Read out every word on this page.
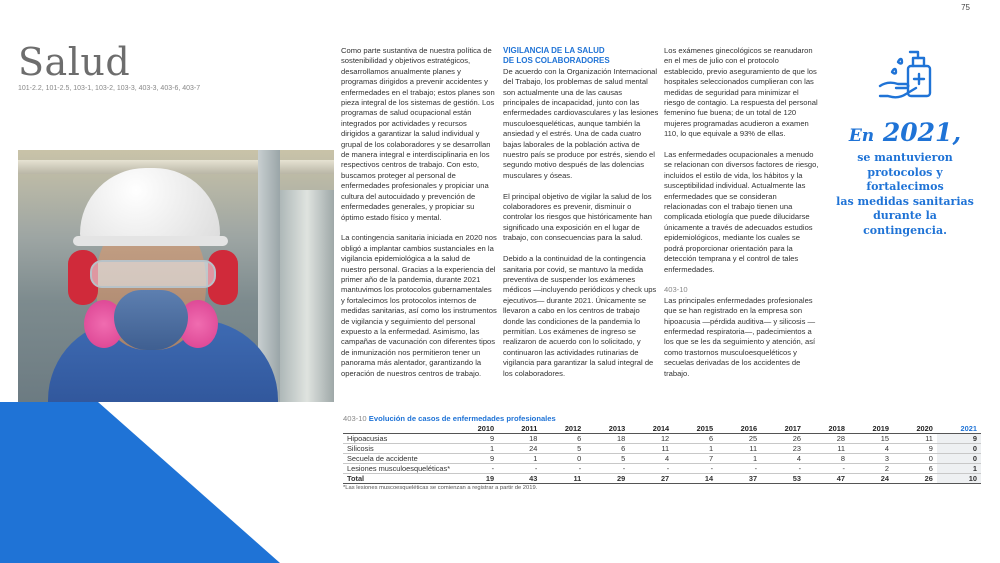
75
Salud
101-2.2, 101-2.5, 103-1, 103-2, 103-3, 403-3, 403-6, 403-7

Como parte sustantiva de nuestra política de sostenibilidad y objetivos estratégicos, desarrollamos anualmente planes y programas dirigidos a prevenir accidentes y enfermedades en el trabajo; estos planes son pieza integral de los sistemas de gestión. Los programas de salud ocupacional están integrados por actividades y recursos dirigidos a garantizar la salud individual y grupal de los colaboradores y se desarrollan de manera integral e interdisciplinaria en los respectivos centros de trabajo. Con esto, buscamos proteger al personal de enfermedades profesionales y propiciar una cultura del autocuidado y prevención de enfermedades generales, y propiciar su óptimo estado físico y mental.

La contingencia sanitaria iniciada en 2020 nos obligó a implantar cambios sustanciales en la vigilancia epidemiológica a la salud de nuestro personal. Gracias a la experiencia del primer año de la pandemia, durante 2021 mantuvimos los protocolos gubernamentales y fortalecimos los protocolos internos de medidas sanitarias, así como los instrumentos de vigilancia y seguimiento del personal expuesto a la enfermedad. Asimismo, las campañas de vacunación con diferentes tipos de inmunización nos permitieron tener un panorama más alentador, garantizando la operación de nuestros centros de trabajo.

VIGILANCIA DE LA SALUD
DE LOS COLABORADORES

De acuerdo con la Organización Internacional del Trabajo, los problemas de salud mental son actualmente una de las causas principales de incapacidad, junto con las enfermedades cardiovasculares y las lesiones musculoesqueléticas, aunque también la ansiedad y el estrés. Una de cada cuatro bajas laborales de la población activa de nuestro país se produce por estrés, siendo el segundo motivo después de las dolencias musculares y óseas.

El principal objetivo de vigilar la salud de los colaboradores es prevenir, disminuir o controlar los riesgos que históricamente han significado una exposición en el lugar de trabajo, con consecuencias para la salud.

Debido a la continuidad de la contingencia sanitaria por covid, se mantuvo la medida preventiva de suspender los exámenes médicos —incluyendo periódicos y check ups ejecutivos— durante 2021. Únicamente se llevaron a cabo en los centros de trabajo donde las condiciones de la pandemia lo permitían. Los exámenes de ingreso se realizaron de acuerdo con lo solicitado, y continuaron las actividades rutinarias de vigilancia para garantizar la salud integral de los colaboradores.

Los exámenes ginecológicos se reanudaron en el mes de julio con el protocolo establecido, previo aseguramiento de que los hospitales seleccionados cumplieran con las medidas de seguridad para minimizar el riesgo de contagio. La respuesta del personal femenino fue buena; de un total de 120 mujeres programadas acudieron a examen 110, lo que equivale a 93% de ellas.

Las enfermedades ocupacionales a menudo se relacionan con diversos factores de riesgo, incluidos el estilo de vida, los hábitos y la susceptibilidad individual. Actualmente las enfermedades que se consideran relacionadas con el trabajo tienen una complicada etiología que puede dilucidarse únicamente a través de adecuados estudios epidemiológicos, mediante los cuales se podrá proporcionar orientación para la detección temprana y el control de tales enfermedades.

403-10

Las principales enfermedades profesionales que se han registrado en la empresa son hipoacusia —pérdida auditiva— y silicosis —enfermedad respiratoria—, padecimientos a los que se les da seguimiento y atención, así como trastornos musculoesqueléticos y secuelas derivadas de los accidentes de trabajo.

En 2021,
se mantuvieron
protocolos y fortalecimos
las medidas sanitarias
durante la contingencia.
403-10 Evolución de casos de enfermedades profesionales
	2010	2011	2012	2013	2014	2015	2016	2017	2018	2019	2020	2021
Hipoacusias	9	18	6	18	12	6	25	26	28	15	11	9
Silicosis	1	24	5	6	11	1	11	23	11	4	9	0
Secuela de accidente	9	1	0	5	4	7	1	4	8	3	0	0
Lesiones musculoesqueléticas*	-	-	-	-	-	-	-	-	-	2	6	1
Total	19	43	11	29	27	14	37	53	47	24	26	10
*Las lesiones muscoesqueléticas se comienzan a registrar a partir de 2019.
